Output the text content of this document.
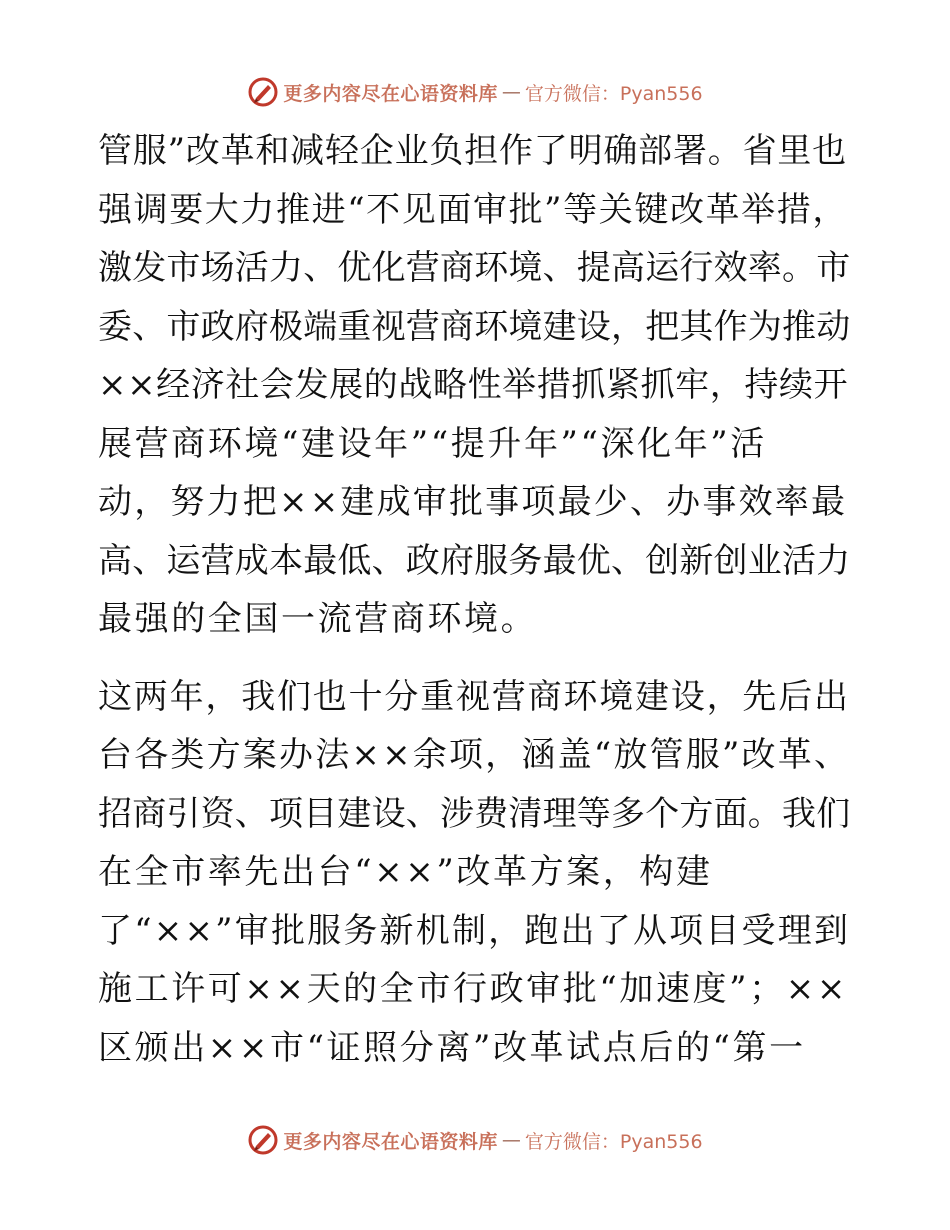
更多内容尽在心语资料库 — 官方微信：Pyan556
管服”改革和减轻企业负担作了明确部署。省里也
强调要大力推进“不见面审批”等关键改革举措，
激发市场活力、优化营商环境、提高运行效率。市
委、市政府极端重视营商环境建设，把其作为推动
××经济社会发展的战略性举措抓紧抓牢，持续开
展营商环境“建设年”“提升年”“深化年”活
动，努力把××建成审批事项最少、办事效率最
高、运营成本最低、政府服务最优、创新创业活力
最强的全国一流营商环境。
这两年，我们也十分重视营商环境建设，先后出
台各类方案办法××余项，涵盖“放管服”改革、
招商引资、项目建设、涉费清理等多个方面。我们
在全市率先出台“××”改革方案，构建
了“××”审批服务新机制，跑出了从项目受理到
施工许可××天的全市行政审批“加速度”；××
区颁出××市“证照分离”改革试点后的“第一
更多内容尽在心语资料库 — 官方微信：Pyan556
